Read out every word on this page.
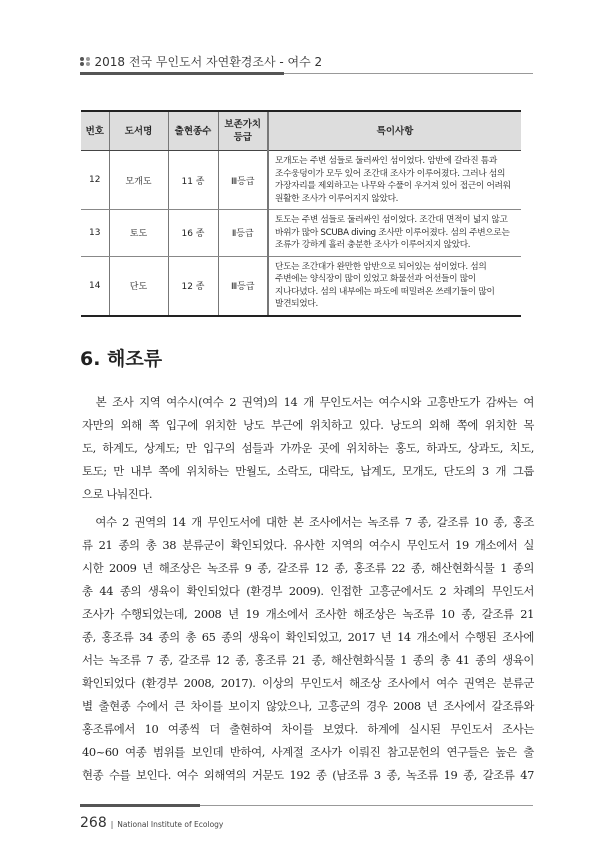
2018 전국 무인도서 자연환경조사 - 여수 2
번호	도서명	출현종수	보존가치 등급	특이사항
12	모개도	11 종	Ⅲ등급	모개도는 주변 섬들로 둘러싸인 섬이었다. 암반에 갈라진 틈과 조수웅덩이가 모두 있어 조간대 조사가 이루어졌다. 그러나 섬의 가장자리를 제외하고는 나무와 수풀이 우거져 있어 접근이 어려워 원활한 조사가 이루어지지 않았다.
13	토도	16 종	Ⅱ등급	토도는 주변 섬들로 둘러싸인 섬이었다. 조간대 면적이 넓지 않고 바위가 많아 SCUBA diving 조사만 이루어졌다. 섬의 주변으로는 조류가 강하게 흘러 충분한 조사가 이루어지지 않았다.
14	단도	12 종	Ⅲ등급	단도는 조간대가 완만한 암반으로 되어있는 섬이었다. 섬의 주변에는 양식장이 많이 있었고 화물선과 어선들이 많이 지나다녔다. 섬의 내부에는 파도에 떠밀려온 쓰레기들이 많이 발견되었다.
6. 해조류
　본 조사 지역 여수시(여수 2 권역)의 14 개 무인도서는 여수시와 고흥반도가 감싸는 여
자만의 외해 쪽 입구에 위치한 낭도 부근에 위치하고 있다. 낭도의 외해 쪽에 위치한 목
도, 하계도, 상계도; 만 입구의 섬들과 가까운 곳에 위치하는 홍도, 하과도, 상과도, 치도,
토도; 만 내부 쪽에 위치하는 만월도, 소락도, 대락도, 납계도, 모개도, 단도의 3 개 그룹
으로 나눠진다.
　여수 2 권역의 14 개 무인도서에 대한 본 조사에서는 녹조류 7 종, 갈조류 10 종, 홍조
류 21 종의 총 38 분류군이 확인되었다. 유사한 지역의 여수시 무인도서 19 개소에서 실
시한 2009 년 해조상은 녹조류 9 종, 갈조류 12 종, 홍조류 22 종, 해산현화식물 1 종의
총 44 종의 생육이 확인되었다 (환경부 2009). 인접한 고흥군에서도 2 차례의 무인도서
조사가 수행되었는데, 2008 년 19 개소에서 조사한 해조상은 녹조류 10 종, 갈조류 21
종, 홍조류 34 종의 총 65 종의 생육이 확인되었고, 2017 년 14 개소에서 수행된 조사에
서는 녹조류 7 종, 갈조류 12 종, 홍조류 21 종, 해산현화식물 1 종의 총 41 종의 생육이
확인되었다 (환경부 2008, 2017). 이상의 무인도서 해조상 조사에서 여수 권역은 분류군
별 출현종 수에서 큰 차이를 보이지 않았으나, 고흥군의 경우 2008 년 조사에서 갈조류와
홍조류에서 10 여종씩 더 출현하여 차이를 보였다. 하계에 실시된 무인도서 조사는
40~60 여종 범위를 보인데 반하여, 사계절 조사가 이뤄진 참고문헌의 연구들은 높은 출
현종 수를 보인다. 여수 외해역의 거문도 192 종 (남조류 3 종, 녹조류 19 종, 갈조류 47
268 | National Institute of Ecology
